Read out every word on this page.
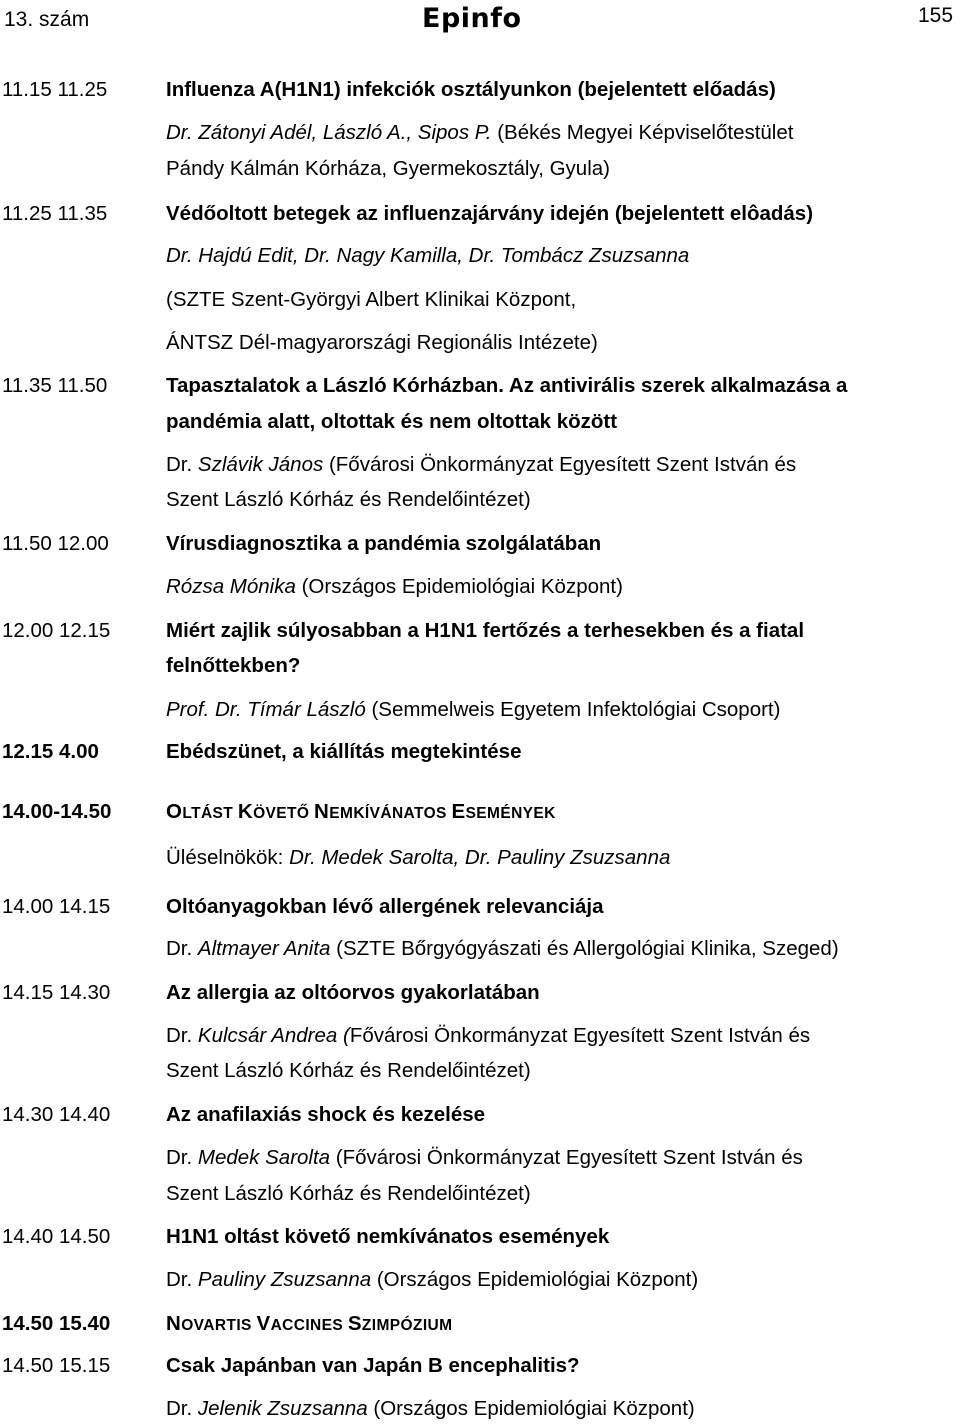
13. szám	Epinfo	155
11.15 11.25	Influenza A(H1N1) infekciók osztályunkon (bejelentett előadás)
Dr. Zátonyi Adél, László A., Sipos P. (Békés Megyei Képviselőtestület
Pándy Kálmán Kórháza, Gyermekosztály, Gyula)
11.25 11.35	Védőoltott betegek az influenzajárvány idején (bejelentett elôadás)
Dr. Hajdú Edit, Dr. Nagy Kamilla, Dr. Tombácz Zsuzsanna
(SZTE Szent-Györgyi Albert Klinikai Központ,
ÁNTSZ Dél-magyarországi Regionális Intézete)
11.35 11.50	Tapasztalatok a László Kórházban. Az antivirális szerek alkalmazása a
pandémia alatt, oltottak és nem oltottak között
Dr. Szlávik János (Fővárosi Önkormányzat Egyesített Szent István és
Szent László Kórház és Rendelőintézet)
11.50 12.00	Vírusdiagnosztika a pandémia szolgálatában
Rózsa Mónika (Országos Epidemiológiai Központ)
12.00 12.15	Miért zajlik súlyosabban a H1N1 fertőzés a terhesekben és a fiatal
felnőttekben?
Prof. Dr. Tímár László (Semmelweis Egyetem Infektológiai Csoport)
12.15 4.00	Ebédszünet, a kiállítás megtekintése
14.00-14.50	OLTÁST KÖVETŐ NEMKÍVÁNATOS ESEMÉNYEK
Üléselnökök: Dr. Medek Sarolta, Dr. Pauliny Zsuzsanna
14.00 14.15	Oltóanyagokban lévő allergének relevanciája
Dr. Altmayer Anita (SZTE Bőrgyógyászati és Allergológiai Klinika, Szeged)
14.15 14.30	Az allergia az oltóorvos gyakorlatában
Dr. Kulcsár Andrea (Fővárosi Önkormányzat Egyesített Szent István és
Szent László Kórház és Rendelőintézet)
14.30 14.40	Az anafilaxiás shock és kezelése
Dr. Medek Sarolta (Fővárosi Önkormányzat Egyesített Szent István és
Szent László Kórház és Rendelőintézet)
14.40 14.50	H1N1 oltást követő nemkívánatos események
Dr. Pauliny Zsuzsanna (Országos Epidemiológiai Központ)
14.50 15.40	NOVARTIS VACCINES SZIMPÓZIUM
14.50 15.15	Csak Japánban van Japán B encephalitis?
Dr. Jelenik Zsuzsanna (Országos Epidemiológiai Központ)
